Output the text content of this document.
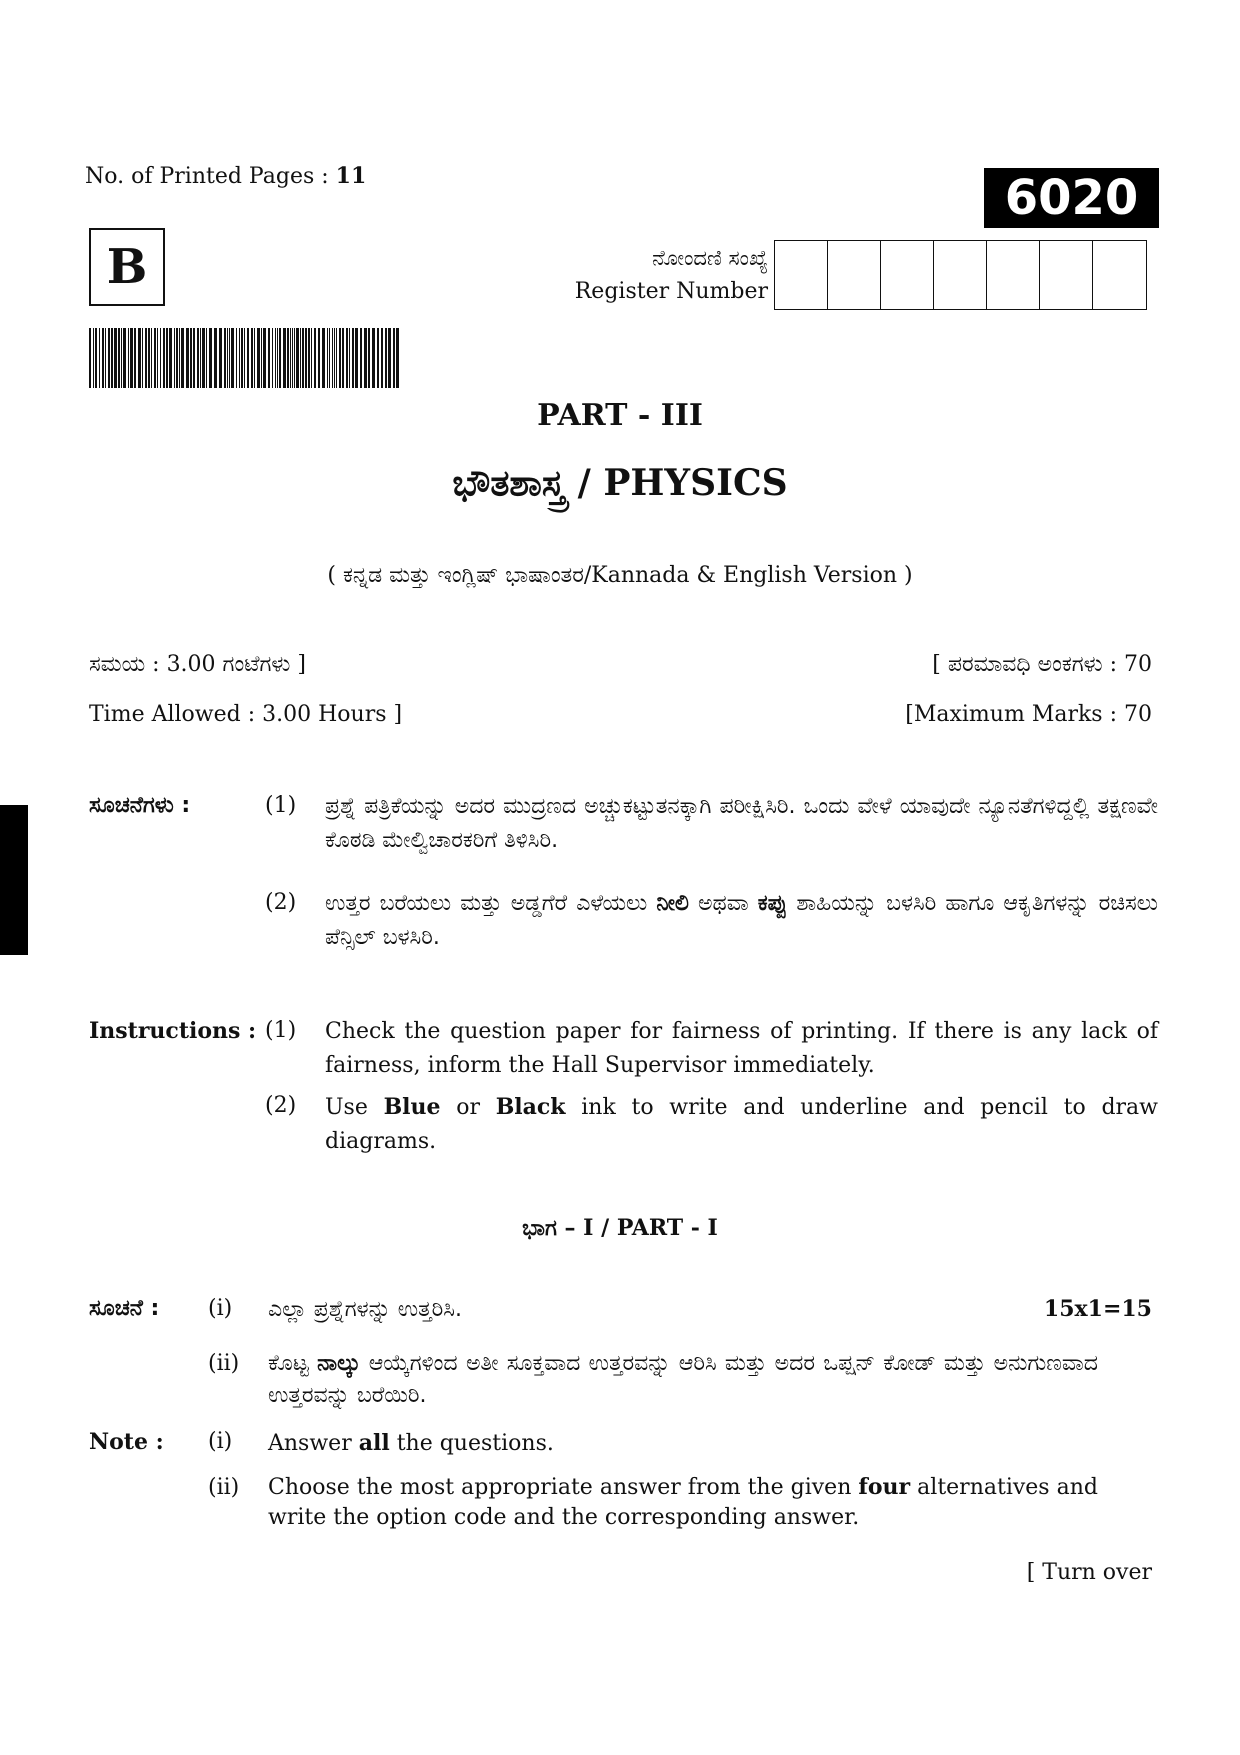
No. of Printed Pages : 11	6020
B	ನೋಂದಣಿ ಸಂಖ್ಯೆ
Register Number
PART - III
ಭೌತಶಾಸ್ತ್ರ / PHYSICS
( ಕನ್ನಡ ಮತ್ತು ಇಂಗ್ಲಿಷ್ ಭಾಷಾಂತರ/Kannada & English Version )
ಸಮಯ : 3.00 ಗಂಟೆಗಳು ]	[ ಪರಮಾವಧಿ ಅಂಕಗಳು : 70
Time Allowed : 3.00 Hours ]	[Maximum Marks : 70
ಸೂಚನೆಗಳು :	(1) ಪ್ರಶ್ನೆ ಪತ್ರಿಕೆಯನ್ನು ಅದರ ಮುದ್ರಣದ ಅಚ್ಚುಕಟ್ಟುತನಕ್ಕಾಗಿ ಪರೀಕ್ಷಿಸಿರಿ. ಒಂದು ವೇಳೆ ಯಾವುದೇ ನ್ಯೂನತೆಗಳಿದ್ದಲ್ಲಿ ತಕ್ಷಣವೇ ಕೊಠಡಿ ಮೇಲ್ವಿಚಾರಕರಿಗೆ ತಿಳಿಸಿರಿ.
(2) ಉತ್ತರ ಬರೆಯಲು ಮತ್ತು ಅಡ್ಡಗೆರೆ ಎಳೆಯಲು ನೀಲಿ ಅಥವಾ ಕಪ್ಪು ಶಾಹಿಯನ್ನು ಬಳಸಿರಿ ಹಾಗೂ ಆಕೃತಿಗಳನ್ನು ರಚಿಸಲು ಪೆನ್ಸಿಲ್ ಬಳಸಿರಿ.
Instructions : (1) Check the question paper for fairness of printing. If there is any lack of fairness, inform the Hall Supervisor immediately.
(2) Use Blue or Black ink to write and underline and pencil to draw diagrams.
ಭಾಗ – I / PART - I
ಸೂಚನೆ : (i) ಎಲ್ಲಾ ಪ್ರಶ್ನೆಗಳನ್ನು ಉತ್ತರಿಸಿ.	15x1=15
(ii) ಕೊಟ್ಟ ನಾಲ್ಕು ಆಯ್ಕೆಗಳಿಂದ ಅತೀ ಸೂಕ್ತವಾದ ಉತ್ತರವನ್ನು ಆರಿಸಿ ಮತ್ತು ಅದರ ಒಪ್ಷನ್ ಕೋಡ್ ಮತ್ತು ಅನುಗುಣವಾದ ಉತ್ತರವನ್ನು ಬರೆಯಿರಿ.
Note : (i) Answer all the questions.
(ii) Choose the most appropriate answer from the given four alternatives and write the option code and the corresponding answer.
[ Turn over
